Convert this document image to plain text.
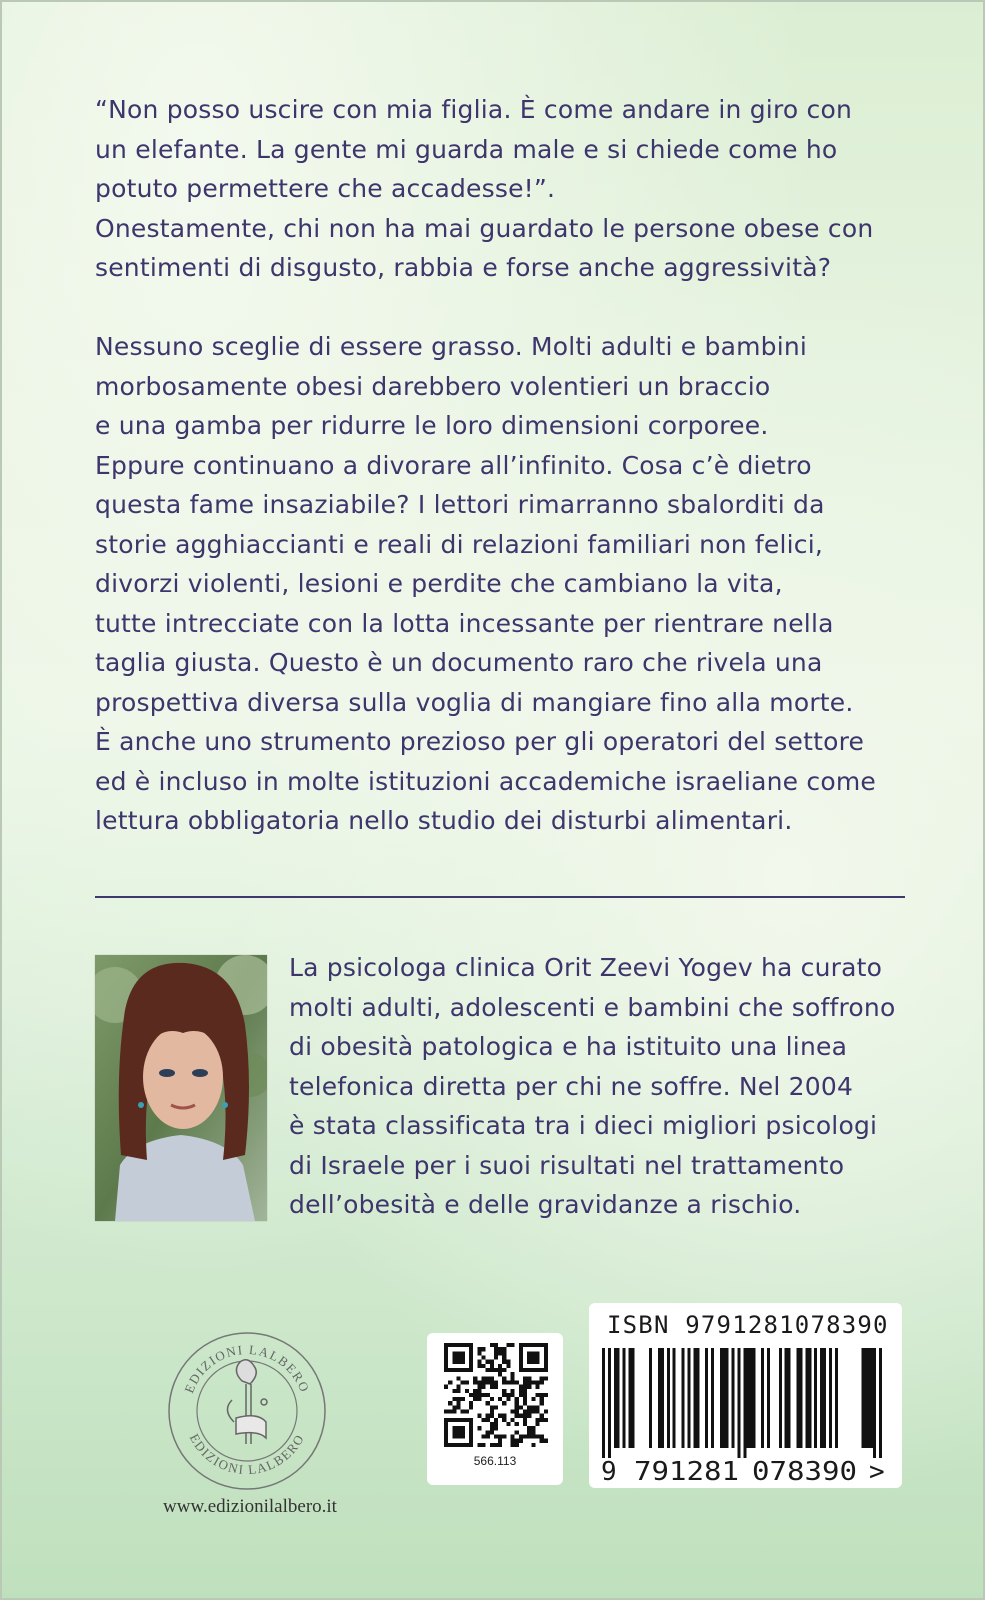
“Non posso uscire con mia figlia. È come andare in giro con

un elefante. La gente mi guarda male e si chiede come ho

potuto permettere che accadesse!”.

Onestamente, chi non ha mai guardato le persone obese con

sentimenti di disgusto, rabbia e forse anche aggressività?

Nessuno sceglie di essere grasso. Molti adulti e bambini

morbosamente obesi darebbero volentieri un braccio

e una gamba per ridurre le loro dimensioni corporee.

Eppure continuano a divorare all’infinito. Cosa c’è dietro

questa fame insaziabile? I lettori rimarranno sbalorditi da

storie agghiaccianti e reali di relazioni familiari non felici,

divorzi violenti, lesioni e perdite che cambiano la vita,

tutte intrecciate con la lotta incessante per rientrare nella

taglia giusta. Questo è un documento raro che rivela una

prospettiva diversa sulla voglia di mangiare fino alla morte.

È anche uno strumento prezioso per gli operatori del settore

ed è incluso in molte istituzioni accademiche israeliane come

lettura obbligatoria nello studio dei disturbi alimentari.

La psicologa clinica Orit Zeevi Yogev ha curato

molti adulti, adolescenti e bambini che soffrono

di obesità patologica e ha istituito una linea

telefonica diretta per chi ne soffre. Nel 2004

è stata classificata tra i dieci migliori psicologi

di Israele per i suoi risultati nel trattamento

dell’obesità e delle gravidanze a rischio.

EDIZIONI LALBERO
EDIZIONI LALBERO
www.edizionilalbero.it
566.113
ISBN 9791281078390
9 791281 078390 >
